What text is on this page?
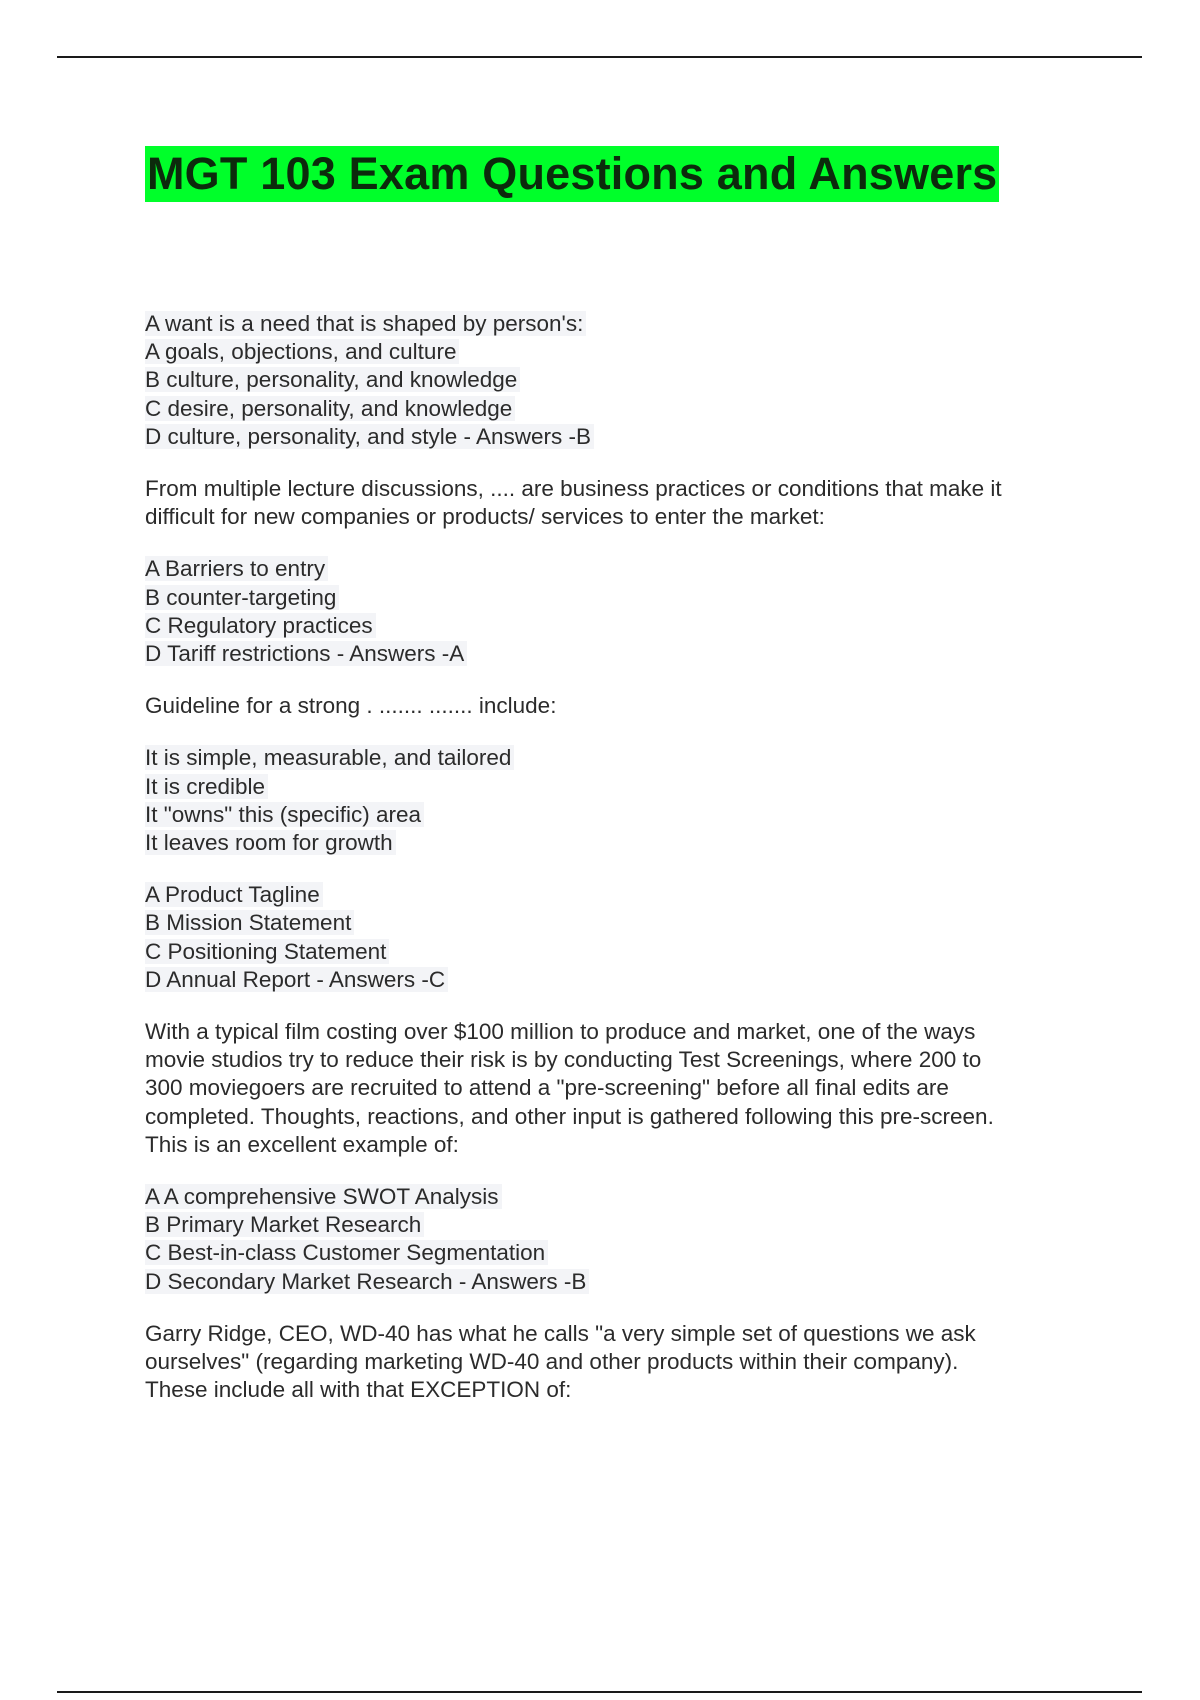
MGT 103 Exam Questions and Answers
A want is a need that is shaped by person's:
A goals, objections, and culture
B culture, personality, and knowledge
C desire, personality, and knowledge
D culture, personality, and style - Answers -B
From multiple lecture discussions, .... are business practices or conditions that make it
difficult for new companies or products/ services to enter the market:
A Barriers to entry
B counter-targeting
C Regulatory practices
D Tariff restrictions - Answers -A
Guideline for a strong . ....... ....... include:
It is simple, measurable, and tailored
It is credible
It "owns" this (specific) area
It leaves room for growth
A Product Tagline
B Mission Statement
C Positioning Statement
D Annual Report - Answers -C
With a typical film costing over $100 million to produce and market, one of the ways
movie studios try to reduce their risk is by conducting Test Screenings, where 200 to
300 moviegoers are recruited to attend a "pre-screening" before all final edits are
completed. Thoughts, reactions, and other input is gathered following this pre-screen.
This is an excellent example of:
A A comprehensive SWOT Analysis
B Primary Market Research
C Best-in-class Customer Segmentation
D Secondary Market Research - Answers -B
Garry Ridge, CEO, WD-40 has what he calls "a very simple set of questions we ask
ourselves" (regarding marketing WD-40 and other products within their company).
These include all with that EXCEPTION of:
